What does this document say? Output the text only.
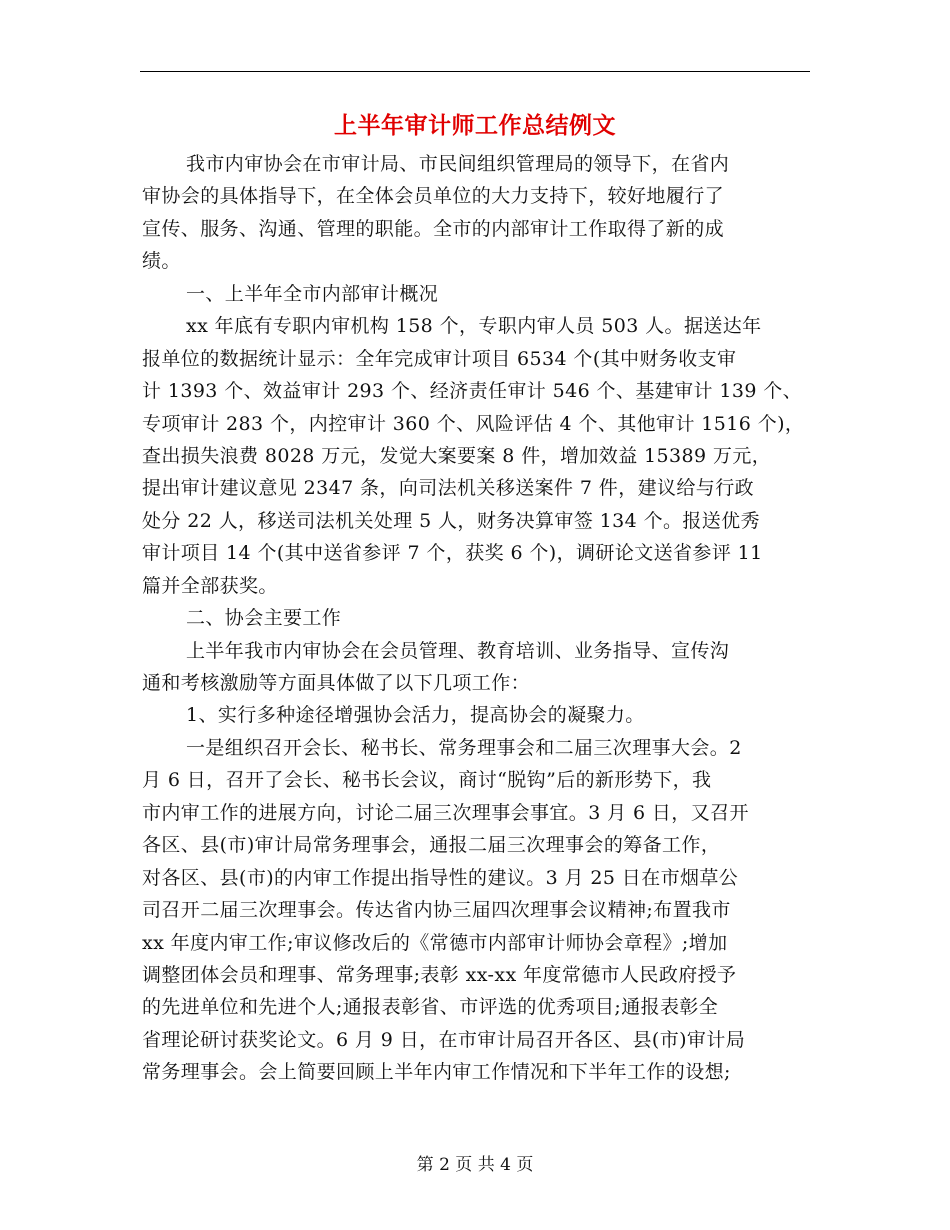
上半年审计师工作总结例文
我市内审协会在市审计局、市民间组织管理局的领导下，在省内
审协会的具体指导下，在全体会员单位的大力支持下，较好地履行了
宣传、服务、沟通、管理的职能。全市的内部审计工作取得了新的成
绩。
一、上半年全市内部审计概况
xx 年底有专职内审机构 158 个，专职内审人员 503 人。据送达年
报单位的数据统计显示：全年完成审计项目 6534 个(其中财务收支审
计 1393 个、效益审计 293 个、经济责任审计 546 个、基建审计 139 个、
专项审计 283 个，内控审计 360 个、风险评估 4 个、其他审计 1516 个)，
查出损失浪费 8028 万元，发觉大案要案 8 件，增加效益 15389 万元，
提出审计建议意见 2347 条，向司法机关移送案件 7 件，建议给与行政
处分 22 人，移送司法机关处理 5 人，财务决算审签 134 个。报送优秀
审计项目 14 个(其中送省参评 7 个，获奖 6 个)，调研论文送省参评 11
篇并全部获奖。
二、协会主要工作
上半年我市内审协会在会员管理、教育培训、业务指导、宣传沟
通和考核激励等方面具体做了以下几项工作：
1、实行多种途径增强协会活力，提高协会的凝聚力。
一是组织召开会长、秘书长、常务理事会和二届三次理事大会。2
月 6 日，召开了会长、秘书长会议，商讨“脱钩”后的新形势下，我
市内审工作的进展方向，讨论二届三次理事会事宜。3 月 6 日，又召开
各区、县(市)审计局常务理事会，通报二届三次理事会的筹备工作，
对各区、县(市)的内审工作提出指导性的建议。3 月 25 日在市烟草公
司召开二届三次理事会。传达省内协三届四次理事会议精神;布置我市
xx 年度内审工作;审议修改后的《常德市内部审计师协会章程》;增加
调整团体会员和理事、常务理事;表彰 xx-xx 年度常德市人民政府授予
的先进单位和先进个人;通报表彰省、市评选的优秀项目;通报表彰全
省理论研讨获奖论文。6 月 9 日，在市审计局召开各区、县(市)审计局
常务理事会。会上简要回顾上半年内审工作情况和下半年工作的设想;
第 2 页 共 4 页
